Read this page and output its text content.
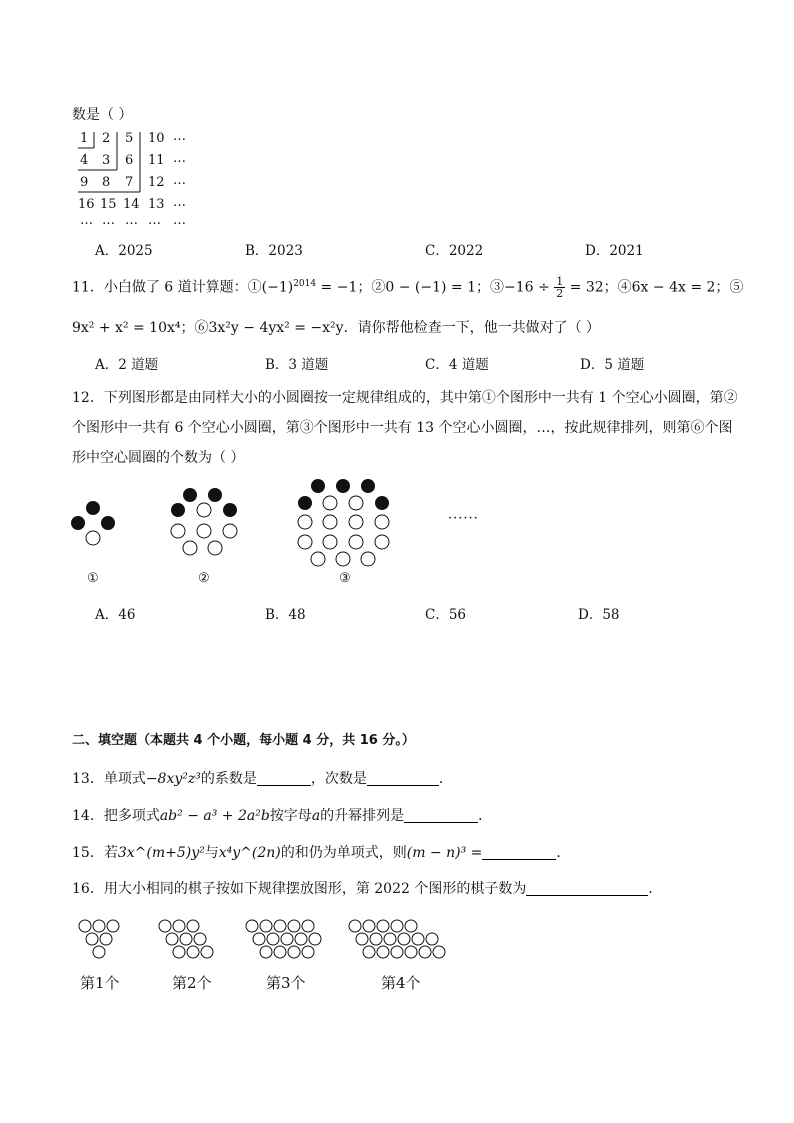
数是（ ）
1 2 5 10 …
4 3 6 11 …
9 8 7 12 …
16 15 14 13 …
… … … … …
A．2025	B．2023	C．2022	D．2021
11．小白做了 6 道计算题：$①(-1)^{2014} = -1$；②0 − (−1) = 1；③−16 ÷ $\frac{1}{2} = 32$；④6x − 4x = 2；⑤
9x² + x² = 10x⁴；⑥3x²y − 4yx² = −x²y．请你帮他检查一下，他一共做对了（ ）
A．2 道题	B．3 道题	C．4 道题	D．5 道题
12．下列图形都是由同样大小的小圆圈按一定规律组成的，其中第①个图形中一共有 1 个空心小圆圈，第②
个图形中一共有 6 个空心小圆圈，第③个图形中一共有 13 个空心小圆圈，…，按此规律排列，则第⑥个图
形中空心圆圈的个数为（ ）
······
①	②	③
A．46	B．48	C．56	D．58
二、填空题（本题共 4 个小题，每小题 4 分，共 16 分。）
13．单项式−8xy²z³的系数是	，次数是	．
14．把多项式ab² − a³ + 2a²b按字母a的升幂排列是	．
15．若3x^(m+5)y²与x⁴y^(2n)的和仍为单项式，则(m − n)³ =	．
16．用大小相同的棋子按如下规律摆放图形，第 2022 个图形的棋子数为	．
第1个	第2个	第3个	第4个
